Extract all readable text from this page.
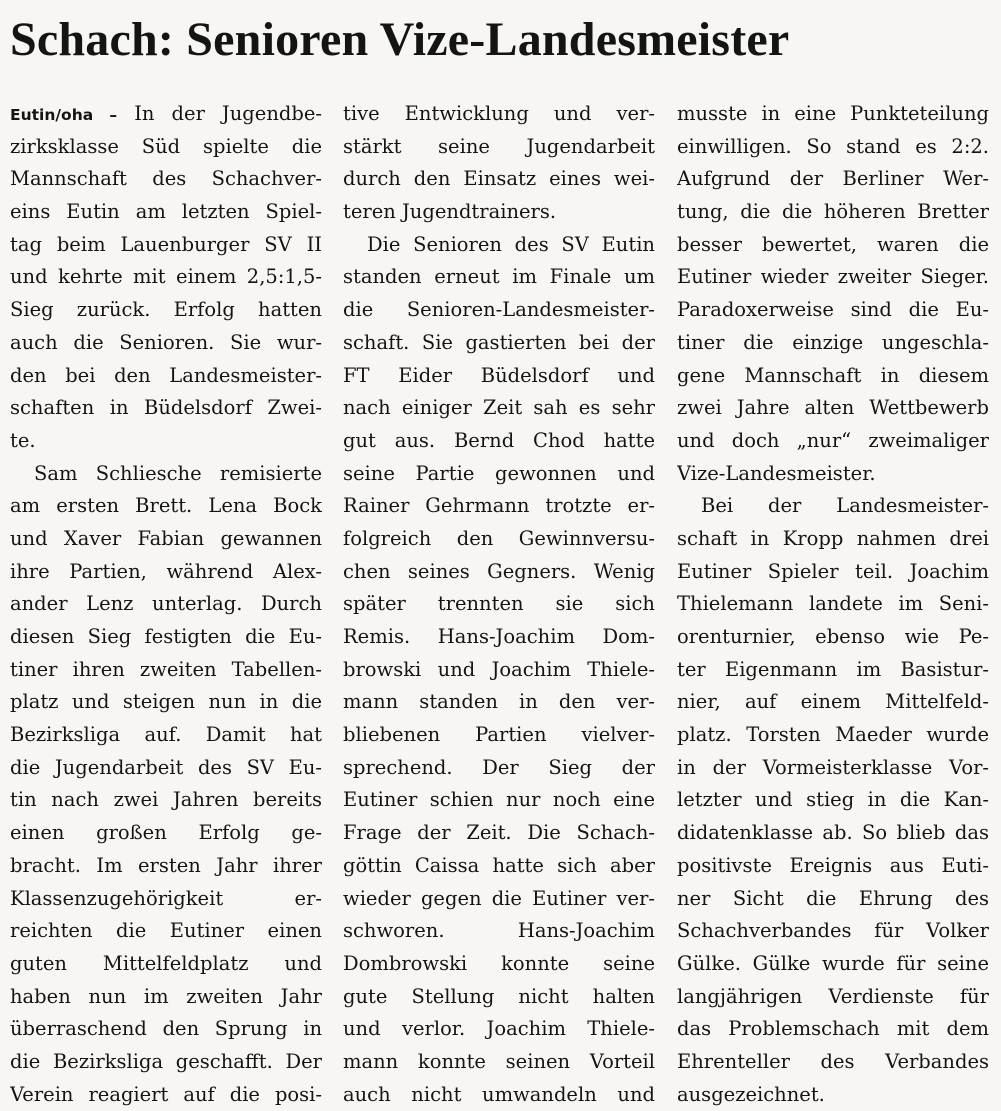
Schach: Senioren Vize-Landesmeister
Eutin/oha – In der Jugendbe-
zirksklasse Süd spielte die
Mannschaft des Schachver-
eins Eutin am letzten Spiel-
tag beim Lauenburger SV II
und kehrte mit einem 2,5:1,5-
Sieg zurück. Erfolg hatten
auch die Senioren. Sie wur-
den bei den Landesmeister-
schaften in Büdelsdorf Zwei-
te.
Sam Schliesche remisierte
am ersten Brett. Lena Bock
und Xaver Fabian gewannen
ihre Partien, während Alex-
ander Lenz unterlag. Durch
diesen Sieg festigten die Eu-
tiner ihren zweiten Tabellen-
platz und steigen nun in die
Bezirksliga auf. Damit hat
die Jugendarbeit des SV Eu-
tin nach zwei Jahren bereits
einen großen Erfolg ge-
bracht. Im ersten Jahr ihrer
Klassenzugehörigkeit er-
reichten die Eutiner einen
guten Mittelfeldplatz und
haben nun im zweiten Jahr
überraschend den Sprung in
die Bezirksliga geschafft. Der
Verein reagiert auf die posi-
tive Entwicklung und ver-
stärkt seine Jugendarbeit
durch den Einsatz eines wei-
teren Jugendtrainers.
Die Senioren des SV Eutin
standen erneut im Finale um
die Senioren-Landesmeister-
schaft. Sie gastierten bei der
FT Eider Büdelsdorf und
nach einiger Zeit sah es sehr
gut aus. Bernd Chod hatte
seine Partie gewonnen und
Rainer Gehrmann trotzte er-
folgreich den Gewinnversu-
chen seines Gegners. Wenig
später trennten sie sich
Remis. Hans-Joachim Dom-
browski und Joachim Thiele-
mann standen in den ver-
bliebenen Partien vielver-
sprechend. Der Sieg der
Eutiner schien nur noch eine
Frage der Zeit. Die Schach-
göttin Caissa hatte sich aber
wieder gegen die Eutiner ver-
schworen. Hans-Joachim
Dombrowski konnte seine
gute Stellung nicht halten
und verlor. Joachim Thiele-
mann konnte seinen Vorteil
auch nicht umwandeln und
musste in eine Punkteteilung
einwilligen. So stand es 2:2.
Aufgrund der Berliner Wer-
tung, die die höheren Bretter
besser bewertet, waren die
Eutiner wieder zweiter Sieger.
Paradoxerweise sind die Eu-
tiner die einzige ungeschla-
gene Mannschaft in diesem
zwei Jahre alten Wettbewerb
und doch „nur“ zweimaliger
Vize-Landesmeister.
Bei der Landesmeister-
schaft in Kropp nahmen drei
Eutiner Spieler teil. Joachim
Thielemann landete im Seni-
orenturnier, ebenso wie Pe-
ter Eigenmann im Basistur-
nier, auf einem Mittelfeld-
platz. Torsten Maeder wurde
in der Vormeisterklasse Vor-
letzter und stieg in die Kan-
didatenklasse ab. So blieb das
positivste Ereignis aus Euti-
ner Sicht die Ehrung des
Schachverbandes für Volker
Gülke. Gülke wurde für seine
langjährigen Verdienste für
das Problemschach mit dem
Ehrenteller des Verbandes
ausgezeichnet.
